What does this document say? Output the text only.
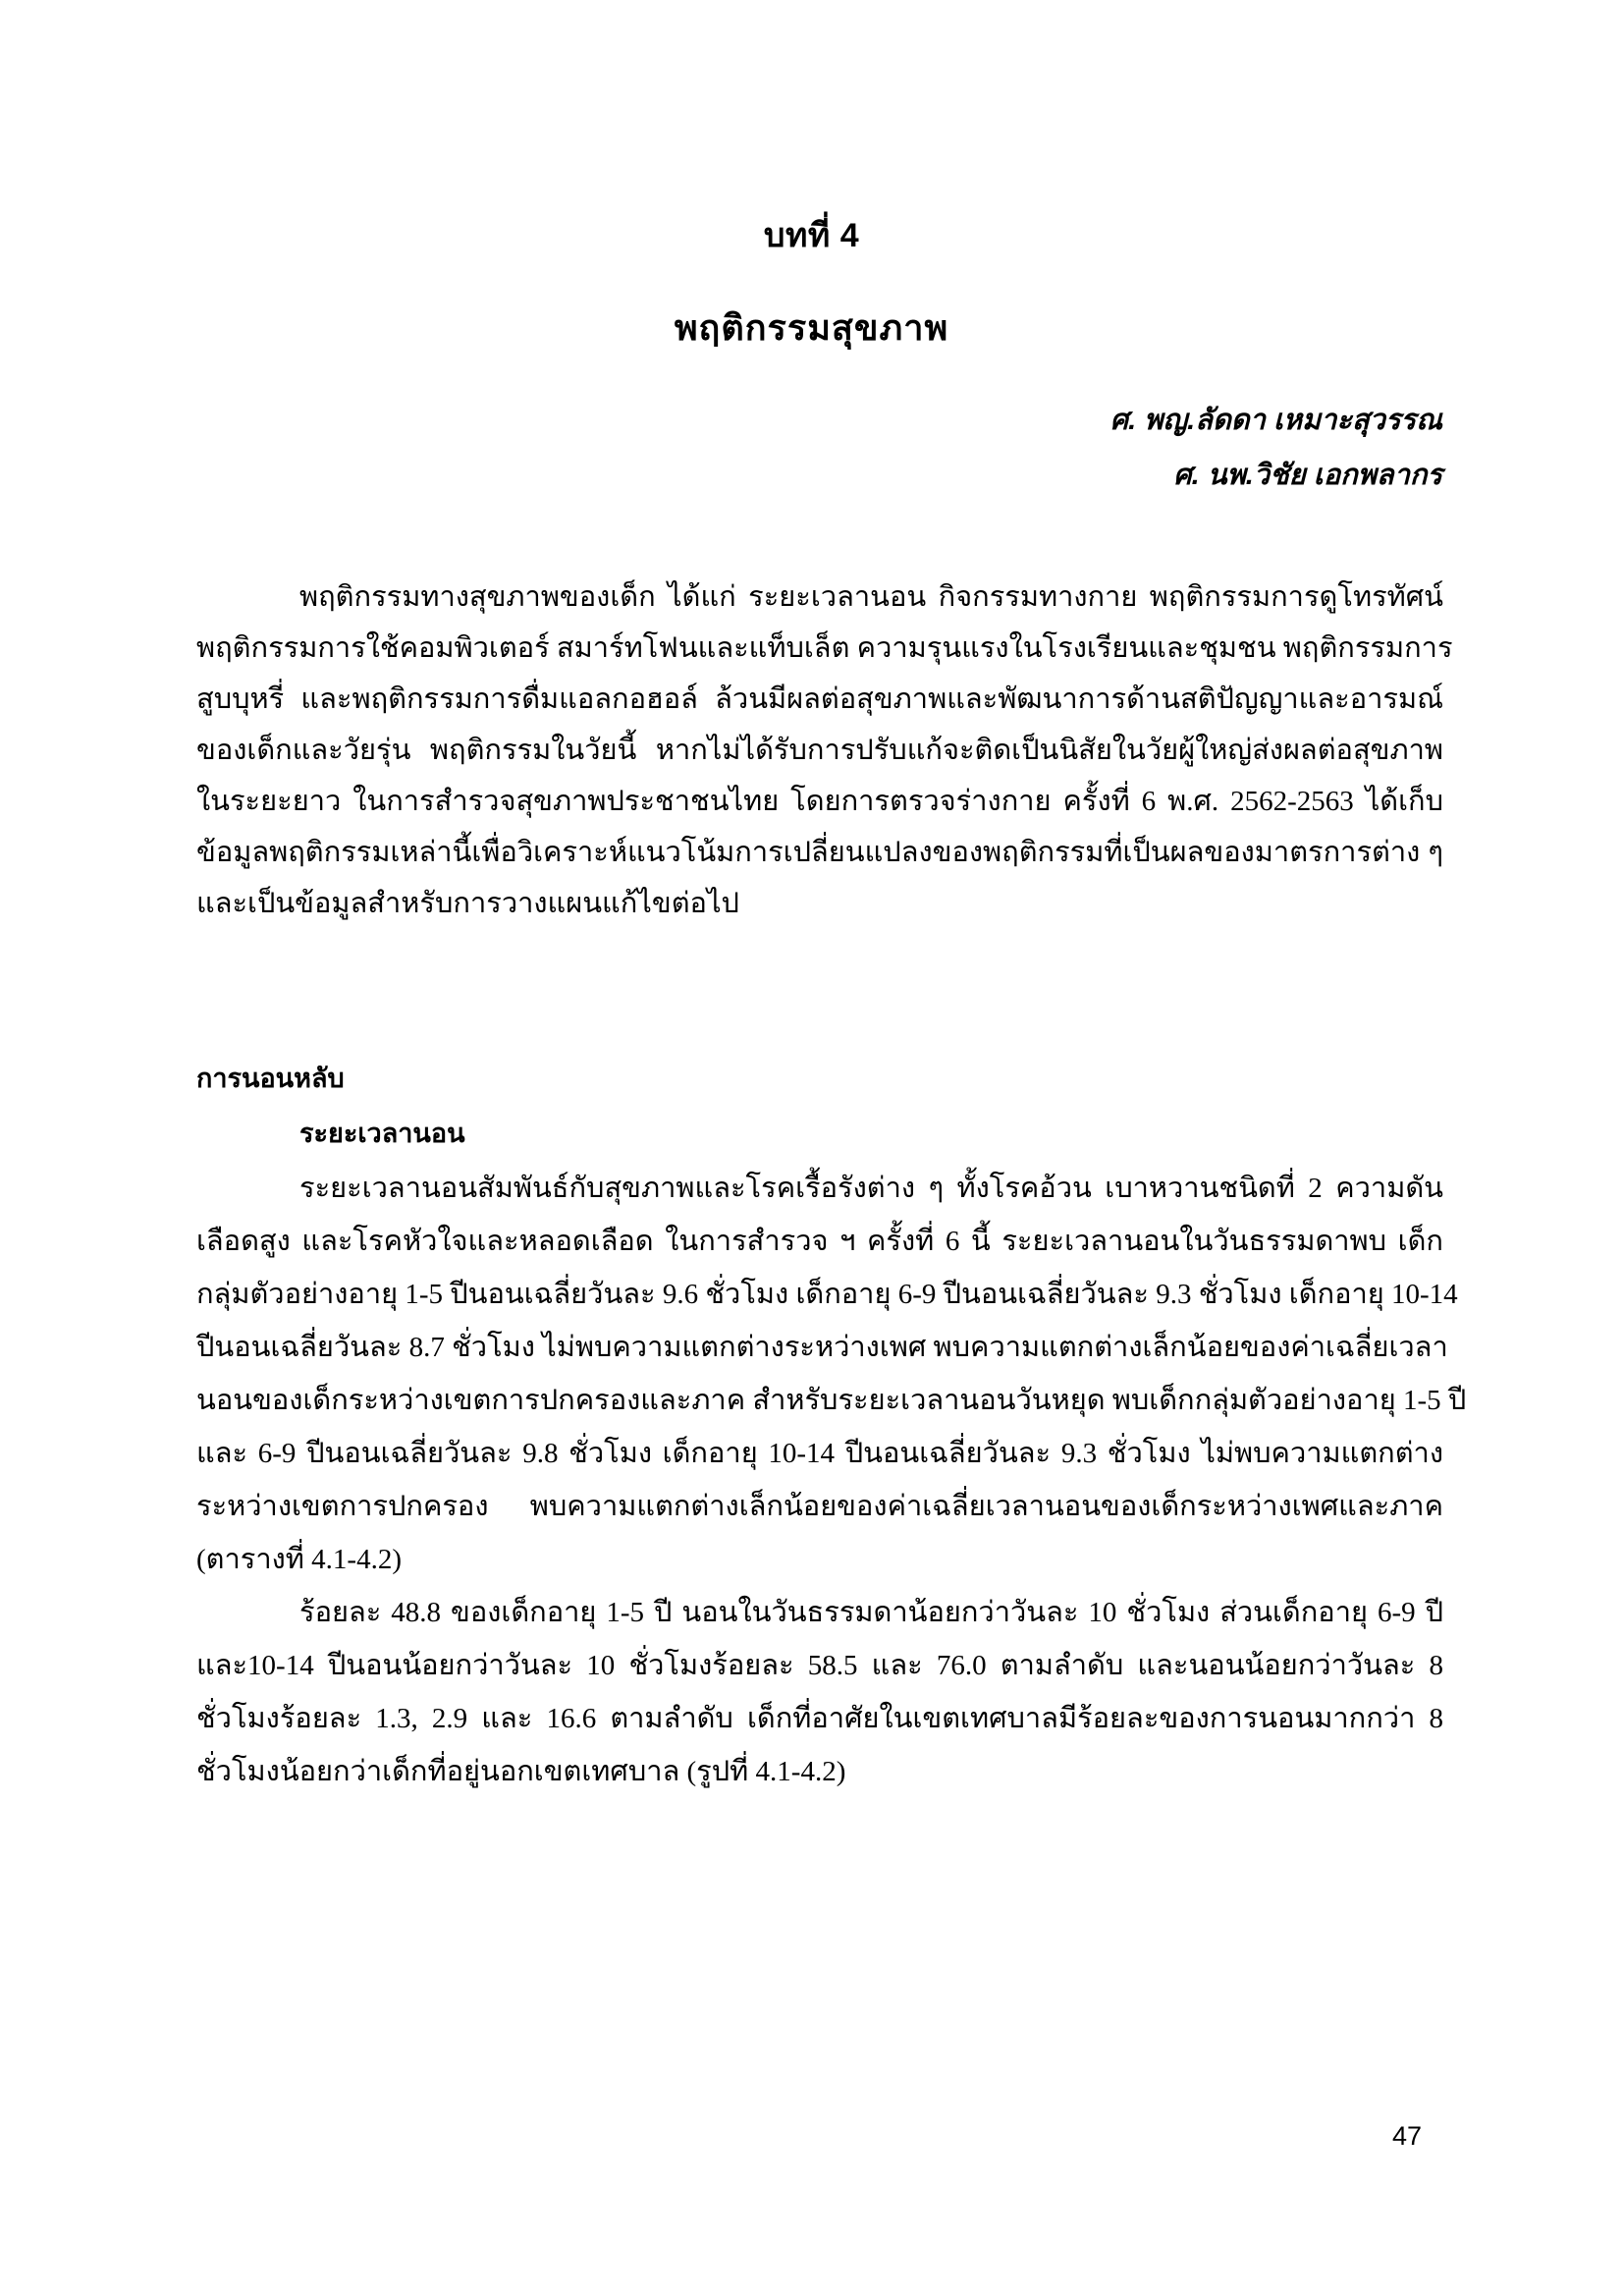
บทที่ 4
พฤติกรรมสุขภาพ
ศ. พญ.ลัดดา เหมาะสุวรรณ
ศ. นพ.วิชัย เอกพลากร
พฤติกรรมทางสุขภาพของเด็ก ได้แก่ ระยะเวลานอน กิจกรรมทางกาย พฤติกรรมการดูโทรทัศน์
พฤติกรรมการใช้คอมพิวเตอร์ สมาร์ทโฟนและแท็บเล็ต ความรุนแรงในโรงเรียนและชุมชน พฤติกรรมการ
สูบบุหรี่ และพฤติกรรมการดื่มแอลกอฮอล์ ล้วนมีผลต่อสุขภาพและพัฒนาการด้านสติปัญญาและอารมณ์
ของเด็กและวัยรุ่น พฤติกรรมในวัยนี้ หากไม่ได้รับการปรับแก้จะติดเป็นนิสัยในวัยผู้ใหญ่ส่งผลต่อสุขภาพ
ในระยะยาว ในการสำรวจสุขภาพประชาชนไทย โดยการตรวจร่างกาย ครั้งที่ 6 พ.ศ. 2562-2563 ได้เก็บ
ข้อมูลพฤติกรรมเหล่านี้เพื่อวิเคราะห์แนวโน้มการเปลี่ยนแปลงของพฤติกรรมที่เป็นผลของมาตรการต่าง ๆ
และเป็นข้อมูลสำหรับการวางแผนแก้ไขต่อไป
การนอนหลับ
ระยะเวลานอน
ระยะเวลานอนสัมพันธ์กับสุขภาพและโรคเรื้อรังต่าง ๆ ทั้งโรคอ้วน เบาหวานชนิดที่ 2 ความดัน
เลือดสูง และโรคหัวใจและหลอดเลือด ในการสำรวจ ฯ ครั้งที่ 6 นี้ ระยะเวลานอนในวันธรรมดาพบ เด็ก
กลุ่มตัวอย่างอายุ 1-5 ปีนอนเฉลี่ยวันละ 9.6 ชั่วโมง เด็กอายุ 6-9 ปีนอนเฉลี่ยวันละ 9.3 ชั่วโมง เด็กอายุ 10-14
ปีนอนเฉลี่ยวันละ 8.7 ชั่วโมง ไม่พบความแตกต่างระหว่างเพศ พบความแตกต่างเล็กน้อยของค่าเฉลี่ยเวลา
นอนของเด็กระหว่างเขตการปกครองและภาค สำหรับระยะเวลานอนวันหยุด พบเด็กกลุ่มตัวอย่างอายุ 1-5 ปี
และ 6-9 ปีนอนเฉลี่ยวันละ 9.8 ชั่วโมง เด็กอายุ 10-14 ปีนอนเฉลี่ยวันละ 9.3 ชั่วโมง ไม่พบความแตกต่าง
ระหว่างเขตการปกครอง พบความแตกต่างเล็กน้อยของค่าเฉลี่ยเวลานอนของเด็กระหว่างเพศและภาค
(ตารางที่ 4.1-4.2)
ร้อยละ 48.8 ของเด็กอายุ 1-5 ปี นอนในวันธรรมดาน้อยกว่าวันละ 10 ชั่วโมง ส่วนเด็กอายุ 6-9 ปี
และ10-14 ปีนอนน้อยกว่าวันละ 10 ชั่วโมงร้อยละ 58.5 และ 76.0 ตามลำดับ และนอนน้อยกว่าวันละ 8
ชั่วโมงร้อยละ 1.3, 2.9 และ 16.6 ตามลำดับ เด็กที่อาศัยในเขตเทศบาลมีร้อยละของการนอนมากกว่า 8
ชั่วโมงน้อยกว่าเด็กที่อยู่นอกเขตเทศบาล (รูปที่ 4.1-4.2)
47
